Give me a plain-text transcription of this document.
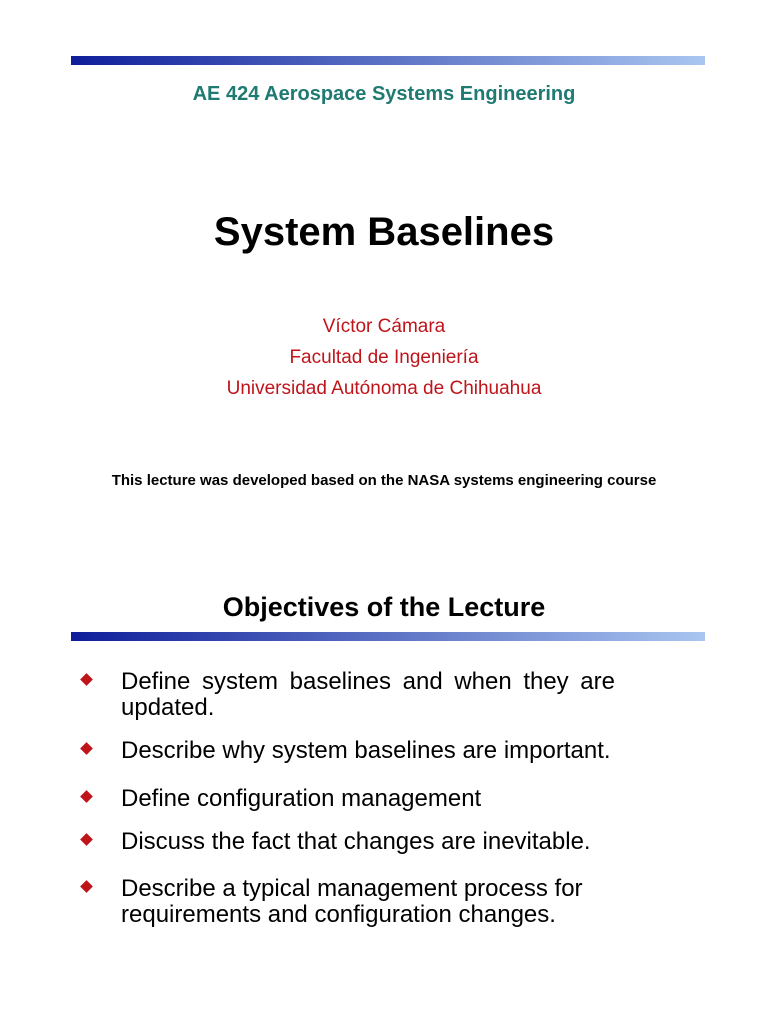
AE 424 Aerospace Systems Engineering
System Baselines
Víctor Cámara
Facultad de Ingeniería
Universidad Autónoma de Chihuahua
This lecture was developed based on the NASA systems engineering course
Objectives of the Lecture
Define system baselines and when they are updated.
Describe why system baselines are important.
Define configuration management
Discuss the fact that changes are inevitable.
Describe a typical management process for requirements and configuration changes.
